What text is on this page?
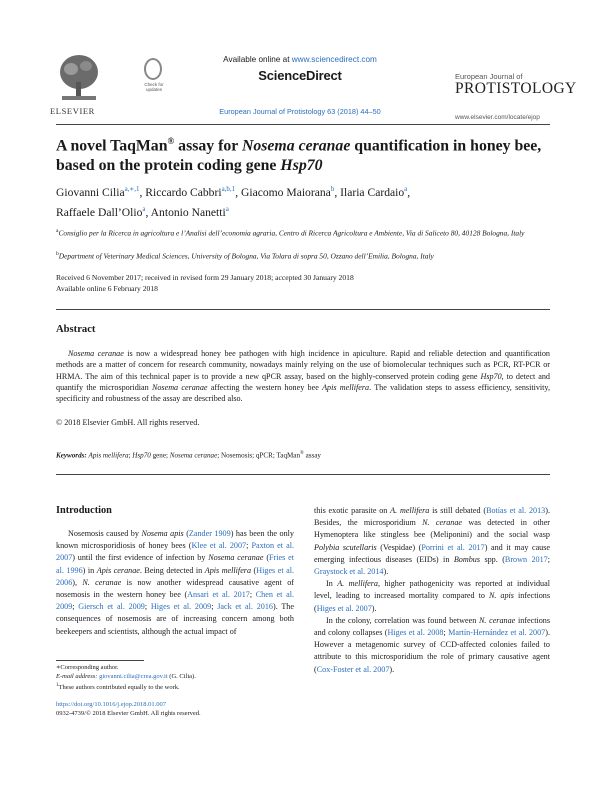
ELSEVIER
Check for updates
Available online at www.sciencedirect.com
ScienceDirect
European Journal of Protistology 63 (2018) 44–50
European Journal of
PROTISTOLOGY
www.elsevier.com/locate/ejop
A novel TaqMan® assay for Nosema ceranae quantification in honey bee, based on the protein coding gene Hsp70
Giovanni Cilia$^{a,∗,1}$, Riccardo Cabbri$^{a,b,1}$, Giacomo Maiorana$^b$, Ilaria Cardaio$^a$,
Raffaele Dall’Olio$^a$, Antonio Nanetti$^a$
$^a$Consiglio per la Ricerca in agricoltura e l’Analisi dell’economia agraria, Centro di Ricerca Agricoltura e Ambiente, Via di Saliceto 80, 40128 Bologna, Italy
$^b$Department of Veterinary Medical Sciences, University of Bologna, Via Tolara di sopra 50, Ozzano dell’Emilia, Bologna, Italy
Received 6 November 2017; received in revised form 29 January 2018; accepted 30 January 2018
Available online 6 February 2018
Abstract
Nosema ceranae is now a widespread honey bee pathogen with high incidence in apiculture. Rapid and reliable detection and quantification methods are a matter of concern for research community, nowadays mainly relying on the use of biomolecular techniques such as PCR, RT-PCR or HRMA. The aim of this technical paper is to provide a new qPCR assay, based on the highly-conserved protein coding gene Hsp70, to detect and quantify the microsporidian Nosema ceranae affecting the western honey bee Apis mellifera. The validation steps to assess efficiency, sensitivity, specificity and robustness of the assay are described also.
© 2018 Elsevier GmbH. All rights reserved.
Keywords: Apis mellifera; Hsp70 gene; Nosema ceranae; Nosemosis; qPCR; TaqMan® assay
Introduction

Nosemosis caused by Nosema apis (Zander 1909) has been the only known microsporidiosis of honey bees (Klee et al. 2007; Paxton et al. 2007) until the first evidence of infection by Nosema ceranae (Fries et al. 1996) in Apis ceranae. Being detected in Apis mellifera (Higes et al. 2006), N. ceranae is now another widespread causative agent of nosemosis in the western honey bee (Ansari et al. 2017; Chen et al. 2009; Giersch et al. 2009; Higes et al. 2009; Jack et al. 2016). The consequences of nosemosis are of increasing concern among both beekeepers and scientists, although the actual impact of

this exotic parasite on A. mellifera is still debated (Botías et al. 2013). Besides, the microsporidium N. ceranae was detected in other Hymenoptera like stingless bee (Meliponini) and the social wasp Polybia scutellaris (Vespidae) (Porrini et al. 2017) and it may cause emerging infectious diseases (EIDs) in Bombus spp. (Brown 2017; Graystock et al. 2014).

In A. mellifera, higher pathogenicity was reported at individual level, leading to increased mortality compared to N. apis infections (Higes et al. 2007).

In the colony, correlation was found between N. ceranae infections and colony collapses (Higes et al. 2008; Martín-Hernández et al. 2007). However a metagenomic survey of CCD-affected colonies failed to attribute to this microsporidium the role of primary causative agent (Cox-Foster et al. 2007).

∗Corresponding author.
E-mail address: giovanni.cilia@crea.gov.it (G. Cilia).
$^1$These authors contributed equally to the work.
https://doi.org/10.1016/j.ejop.2018.01.007
0932-4739/© 2018 Elsevier GmbH. All rights reserved.
